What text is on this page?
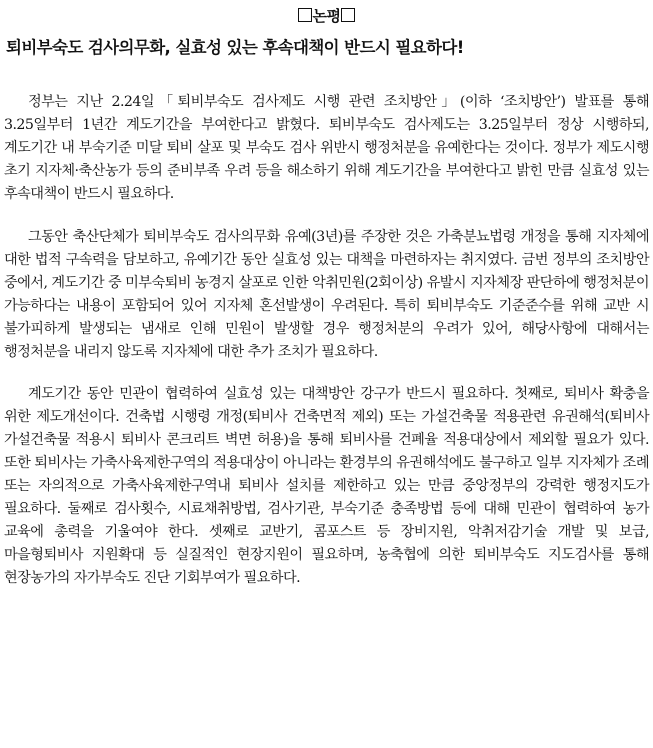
논평
퇴비부숙도 검사의무화, 실효성 있는 후속대책이 반드시 필요하다!

정부는 지난 2.24일「퇴비부숙도 검사제도 시행 관련 조치방안」(이하 ‘조치방안’) 발표를 통해 3.25일부터 1년간 계도기간을 부여한다고 밝혔다. 퇴비부숙도 검사제도는 3.25일부터 정상 시행하되, 계도기간 내 부숙기준 미달 퇴비 살포 및 부숙도 검사 위반시 행정처분을 유예한다는 것이다. 정부가 제도시행 초기 지자체·축산농가 등의 준비부족 우려 등을 해소하기 위해 계도기간을 부여한다고 밝힌 만큼 실효성 있는 후속대책이 반드시 필요하다.

그동안 축산단체가 퇴비부숙도 검사의무화 유예(3년)를 주장한 것은 가축분뇨법령 개정을 통해 지자체에 대한 법적 구속력을 담보하고, 유예기간 동안 실효성 있는 대책을 마련하자는 취지였다. 금번 정부의 조치방안 중에서, 계도기간 중 미부숙퇴비 농경지 살포로 인한 악취민원(2회이상) 유발시 지자체장 판단하에 행정처분이 가능하다는 내용이 포함되어 있어 지자체 혼선발생이 우려된다. 특히 퇴비부숙도 기준준수를 위해 교반 시 불가피하게 발생되는 냄새로 인해 민원이 발생할 경우 행정처분의 우려가 있어, 해당사항에 대해서는 행정처분을 내리지 않도록 지자체에 대한 추가 조치가 필요하다.

계도기간 동안 민관이 협력하여 실효성 있는 대책방안 강구가 반드시 필요하다. 첫째로, 퇴비사 확충을 위한 제도개선이다. 건축법 시행령 개정(퇴비사 건축면적 제외) 또는 가설건축물 적용관련 유권해석(퇴비사 가설건축물 적용시 퇴비사 콘크리트 벽면 허용)을 통해 퇴비사를 건폐율 적용대상에서 제외할 필요가 있다. 또한 퇴비사는 가축사육제한구역의 적용대상이 아니라는 환경부의 유권해석에도 불구하고 일부 지자체가 조례 또는 자의적으로 가축사육제한구역내 퇴비사 설치를 제한하고 있는 만큼 중앙정부의 강력한 행정지도가 필요하다. 둘째로 검사횟수, 시료채취방법, 검사기관, 부숙기준 충족방법 등에 대해 민관이 협력하여 농가 교육에 총력을 기울여야 한다. 셋째로 교반기, 콤포스트 등 장비지원, 악취저감기술 개발 및 보급, 마을형퇴비사 지원확대 등 실질적인 현장지원이 필요하며, 농축협에 의한 퇴비부숙도 지도검사를 통해 현장농가의 자가부숙도 진단 기회부여가 필요하다.
